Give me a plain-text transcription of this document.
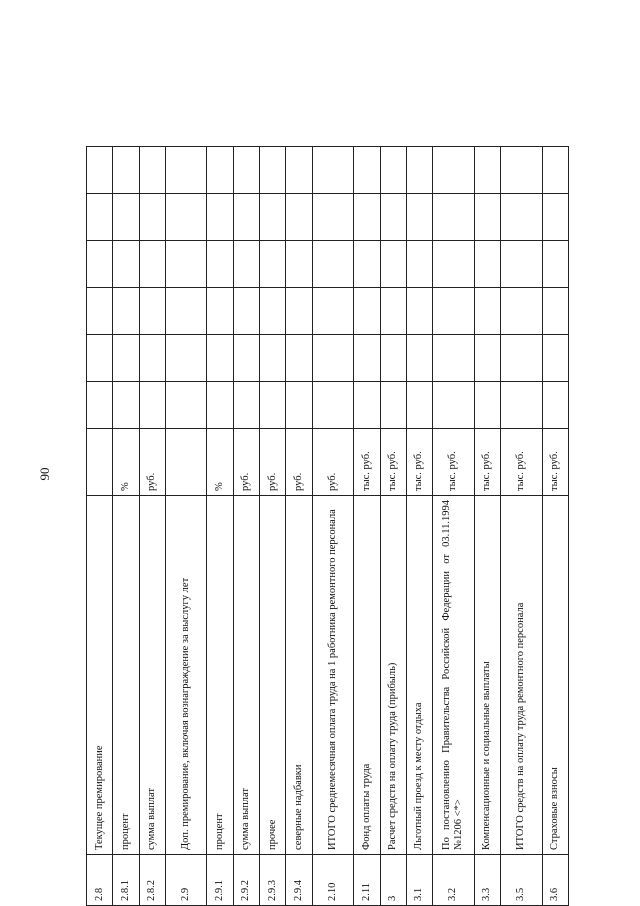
90
2.8	Текущее премирование							
2.8.1	процент	%						
2.8.2	сумма выплат	руб.						
2.9	Доп. премирование, включая вознаграждение за выслугу лет							
2.9.1	процент	%						
2.9.2	сумма выплат	руб.						
2.9.3	прочее	руб.						
2.9.4	северные надбавки	руб.						
2.10	ИТОГО среднемесячная оплата труда на 1 работника ремонтного персонала	руб.						
2.11	Фонд оплаты труда	тыс. руб.						
3	Расчет средств на оплату труда (прибыль)	тыс. руб.						
3.1	Льготный проезд к месту отдыха	тыс. руб.						
3.2	По постановлению Правительства Российской Федерации от 03.11.1994 №1206 <*>	тыс. руб.						
3.3	Компенсационные и социальные выплаты	тыс. руб.						
3.5	ИТОГО средств на оплату труда ремонтного персонала	тыс. руб.						
3.6	Страховые взносы	тыс. руб.						
